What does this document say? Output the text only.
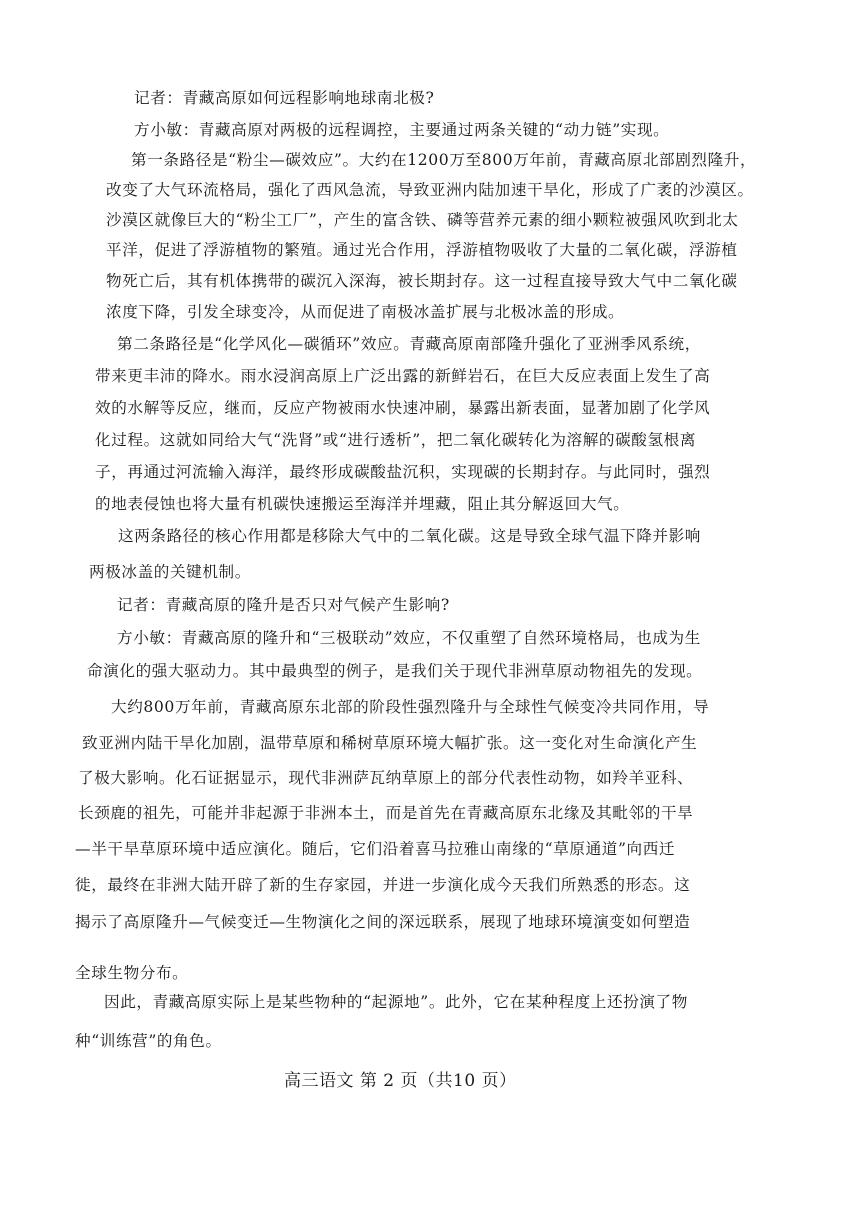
记者：青藏高原如何远程影响地球南北极?
方小敏：青藏高原对两极的远程调控，主要通过两条关键的“动力链”实现。
第一条路径是“粉尘—碳效应”。大约在1200万至800万年前，青藏高原北部剧烈隆升，
改变了大气环流格局，强化了西风急流，导致亚洲内陆加速干旱化，形成了广袤的沙漠区。
沙漠区就像巨大的“粉尘工厂”，产生的富含铁、磷等营养元素的细小颗粒被强风吹到北太
平洋，促进了浮游植物的繁殖。通过光合作用，浮游植物吸收了大量的二氧化碳，浮游植
物死亡后，其有机体携带的碳沉入深海，被长期封存。这一过程直接导致大气中二氧化碳
浓度下降，引发全球变冷，从而促进了南极冰盖扩展与北极冰盖的形成。
第二条路径是“化学风化—碳循环”效应。青藏高原南部隆升强化了亚洲季风系统，
带来更丰沛的降水。雨水浸润高原上广泛出露的新鲜岩石，在巨大反应表面上发生了高
效的水解等反应，继而，反应产物被雨水快速冲刷，暴露出新表面，显著加剧了化学风
化过程。这就如同给大气“洗肾”或“进行透析”，把二氧化碳转化为溶解的碳酸氢根离
子，再通过河流输入海洋，最终形成碳酸盐沉积，实现碳的长期封存。与此同时，强烈
的地表侵蚀也将大量有机碳快速搬运至海洋并埋藏，阻止其分解返回大气。
这两条路径的核心作用都是移除大气中的二氧化碳。这是导致全球气温下降并影响
两极冰盖的关键机制。
记者：青藏高原的隆升是否只对气候产生影响?
方小敏：青藏高原的隆升和“三极联动”效应，不仅重塑了自然环境格局，也成为生
命演化的强大驱动力。其中最典型的例子，是我们关于现代非洲草原动物祖先的发现。
大约800万年前，青藏高原东北部的阶段性强烈隆升与全球性气候变冷共同作用，导
致亚洲内陆干旱化加剧，温带草原和稀树草原环境大幅扩张。这一变化对生命演化产生
了极大影响。化石证据显示，现代非洲萨瓦纳草原上的部分代表性动物，如羚羊亚科、
长颈鹿的祖先，可能并非起源于非洲本土，而是首先在青藏高原东北缘及其毗邻的干旱
—半干旱草原环境中适应演化。随后，它们沿着喜马拉雅山南缘的“草原通道”向西迁
徙，最终在非洲大陆开辟了新的生存家园，并进一步演化成今天我们所熟悉的形态。这
揭示了高原隆升—气候变迁—生物演化之间的深远联系，展现了地球环境演变如何塑造
全球生物分布。
因此，青藏高原实际上是某些物种的“起源地”。此外，它在某种程度上还扮演了物
种“训练营”的角色。
高三语文 第 2 页（共10 页）
